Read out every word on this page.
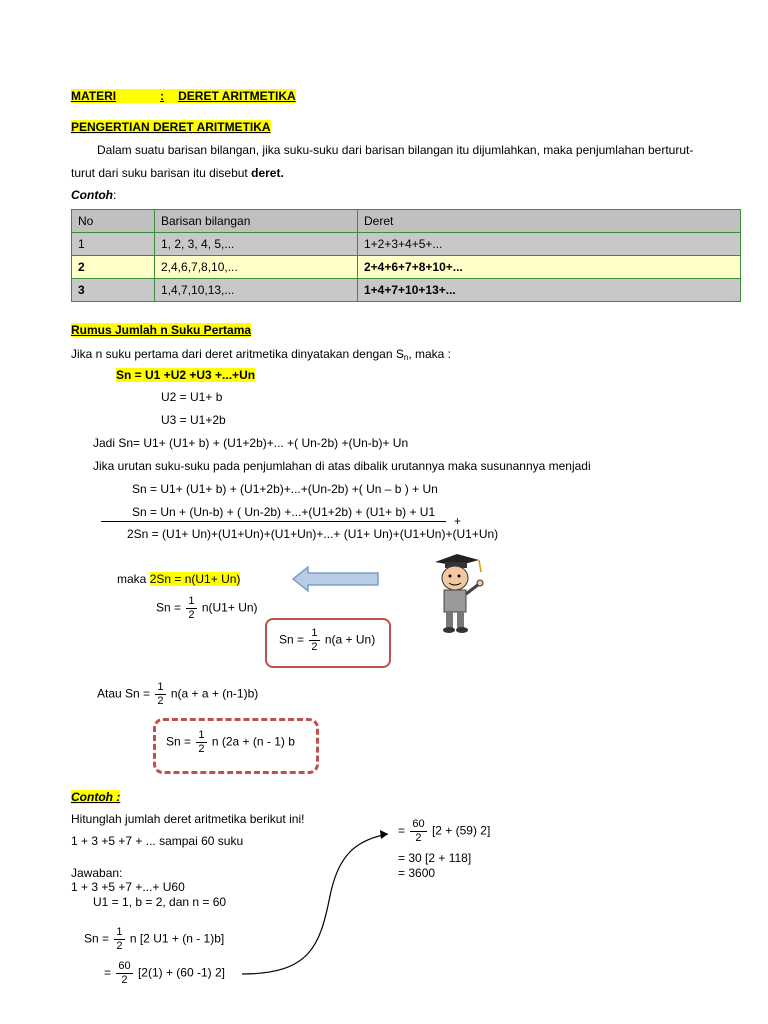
MATERI	: DERET ARITMETIKA
PENGERTIAN DERET ARITMETIKA
Dalam suatu barisan bilangan, jika suku-suku dari barisan bilangan itu dijumlahkan, maka penjumlahan berturut-
turut dari suku barisan itu disebut deret.
Contoh:
No	Barisan bilangan	Deret
1	1, 2, 3, 4, 5,...	1+2+3+4+5+...
2	2,4,6,7,8,10,...	2+4+6+7+8+10+...
3	1,4,7,10,13,...	1+4+7+10+13+...
Rumus Jumlah n Suku Pertama
Jika n suku pertama dari deret aritmetika dinyatakan dengan $S_n$, maka :
Sn = U1 +U2 +U3 +...+Un
U2 = U1+ b
U3 = U1+2b
Jadi Sn= U1+ (U1+ b) + (U1+2b)+... +( Un-2b) +(Un-b)+ Un
Jika urutan suku-suku pada penjumlahan di atas dibalik urutannya maka susunannya menjadi
Sn = U1+ (U1+ b) + (U1+2b)+...+(Un-2b) +( Un – b ) + Un
Sn = Un + (Un-b) + ( Un-2b) +...+(U1+2b) + (U1+ b) + U1
+
2Sn = (U1+ Un)+(U1+Un)+(U1+Un)+...+ (U1+ Un)+(U1+Un)+(U1+Un)
maka 2Sn = n(U1+ Un)
$Sn = \frac{1}{2} n(U1+ Un)$
$Sn = \frac{1}{2} n(a + Un)$
Atau $Sn = \frac{1}{2} n(a + a + (n-1)b)$
$Sn = \frac{1}{2}$ n (2a + (n - 1) b
Contoh :
Hitunglah jumlah deret aritmetika berikut ini!
1 + 3 +5 +7 + ... sampai 60 suku
Jawaban:
1 + 3 +5 +7 +...+ U60
U1 = 1, b = 2, dan n = 60
$Sn = \frac{1}{2}$ n [2 U1 + (n - 1)b]
= $\frac{60}{2} [2(1) + (60$ -1) 2]
= $\frac{60}{2} [2 + (59)$ 2]
= 30 [2 + 118]
= 3600
